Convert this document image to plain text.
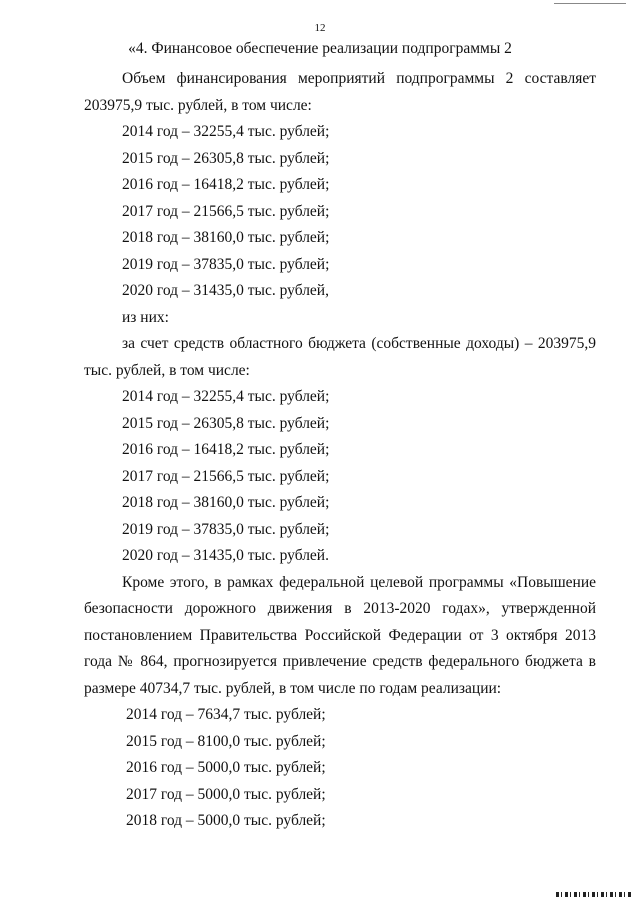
12
«4. Финансовое обеспечение реализации подпрограммы 2

Объем финансирования мероприятий подпрограммы 2 составляет 203975,9 тыс. рублей, в том числе:

2014 год – 32255,4 тыс. рублей;

2015 год – 26305,8 тыс. рублей;

2016 год – 16418,2 тыс. рублей;

2017 год – 21566,5 тыс. рублей;

2018 год – 38160,0 тыс. рублей;

2019 год – 37835,0 тыс. рублей;

2020 год – 31435,0 тыс. рублей,

из них:

за счет средств областного бюджета (собственные доходы) – 203975,9 тыс. рублей, в том числе:

2014 год – 32255,4 тыс. рублей;

2015 год – 26305,8 тыс. рублей;

2016 год – 16418,2 тыс. рублей;

2017 год – 21566,5 тыс. рублей;

2018 год – 38160,0 тыс. рублей;

2019 год – 37835,0 тыс. рублей;

2020 год – 31435,0 тыс. рублей.

Кроме этого, в рамках федеральной целевой программы «Повышение безопасности дорожного движения в 2013-2020 годах», утвержденной постановлением Правительства Российской Федерации от 3 октября 2013 года № 864, прогнозируется привлечение средств федерального бюджета в размере 40734,7 тыс. рублей, в том числе по годам реализации:

2014 год – 7634,7 тыс. рублей;

2015 год – 8100,0 тыс. рублей;

2016 год – 5000,0 тыс. рублей;

2017 год – 5000,0 тыс. рублей;

2018 год – 5000,0 тыс. рублей;
